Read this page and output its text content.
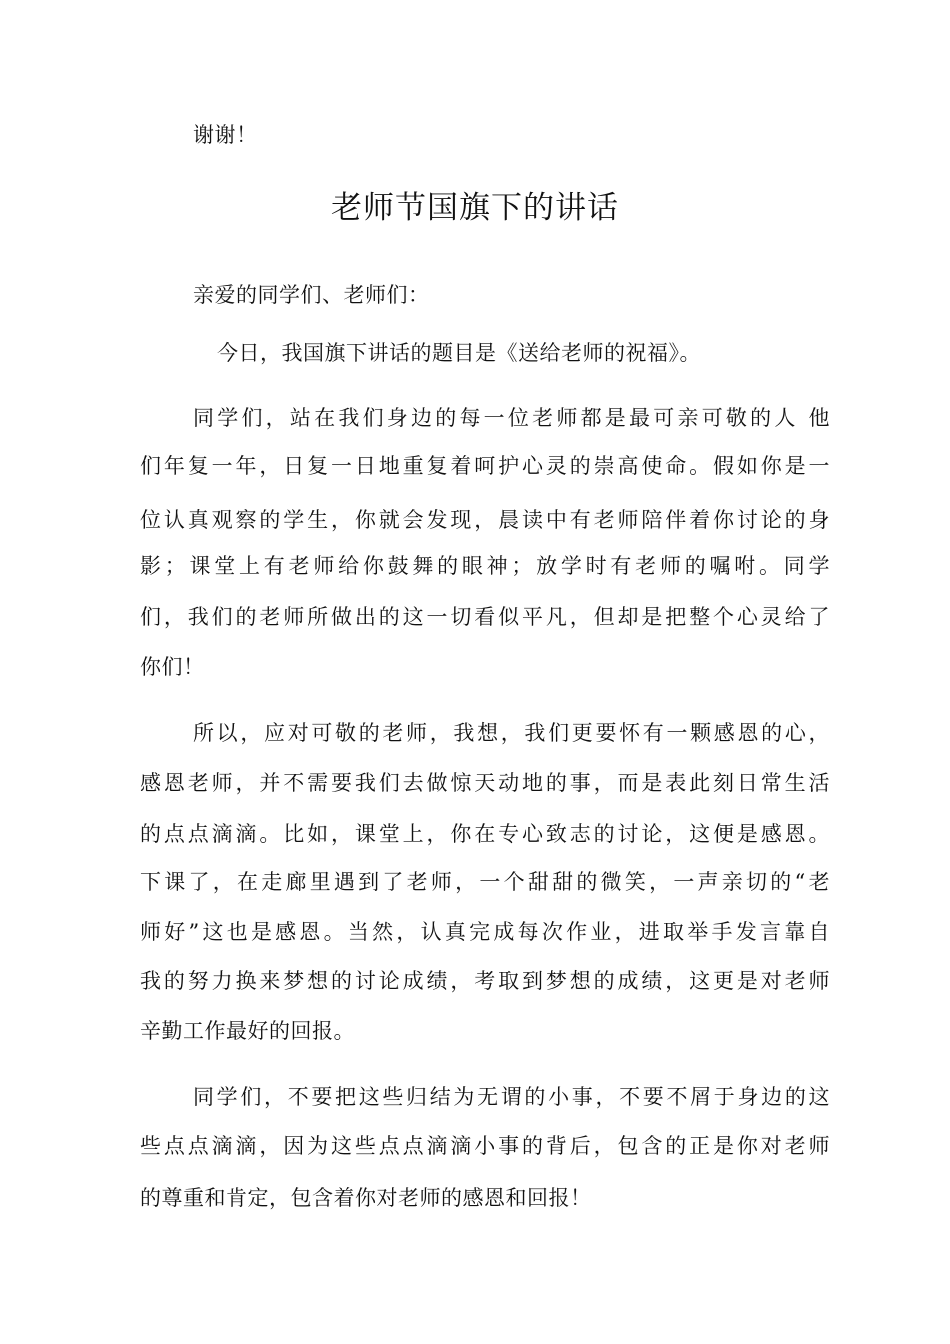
谢谢！
老师节国旗下的讲话
亲爱的同学们、老师们：
今日，我国旗下讲话的题目是《送给老师的祝福》。
同学们，站在我们身边的每一位老师都是最可亲可敬的人 他
们年复一年，日复一日地重复着呵护心灵的崇高使命。假如你是一
位认真观察的学生，你就会发现，晨读中有老师陪伴着你讨论的身
影；课堂上有老师给你鼓舞的眼神；放学时有老师的嘱咐。同学
们，我们的老师所做出的这一切看似平凡，但却是把整个心灵给了
你们！
所以，应对可敬的老师，我想，我们更要怀有一颗感恩的心，
感恩老师，并不需要我们去做惊天动地的事，而是表此刻日常生活
的点点滴滴。比如，课堂上，你在专心致志的讨论，这便是感恩。
下课了，在走廊里遇到了老师，一个甜甜的微笑，一声亲切的“老
师好”这也是感恩。当然，认真完成每次作业，进取举手发言靠自
我的努力换来梦想的讨论成绩，考取到梦想的成绩，这更是对老师
辛勤工作最好的回报。
同学们，不要把这些归结为无谓的小事，不要不屑于身边的这
些点点滴滴，因为这些点点滴滴小事的背后，包含的正是你对老师
的尊重和肯定，包含着你对老师的感恩和回报！
